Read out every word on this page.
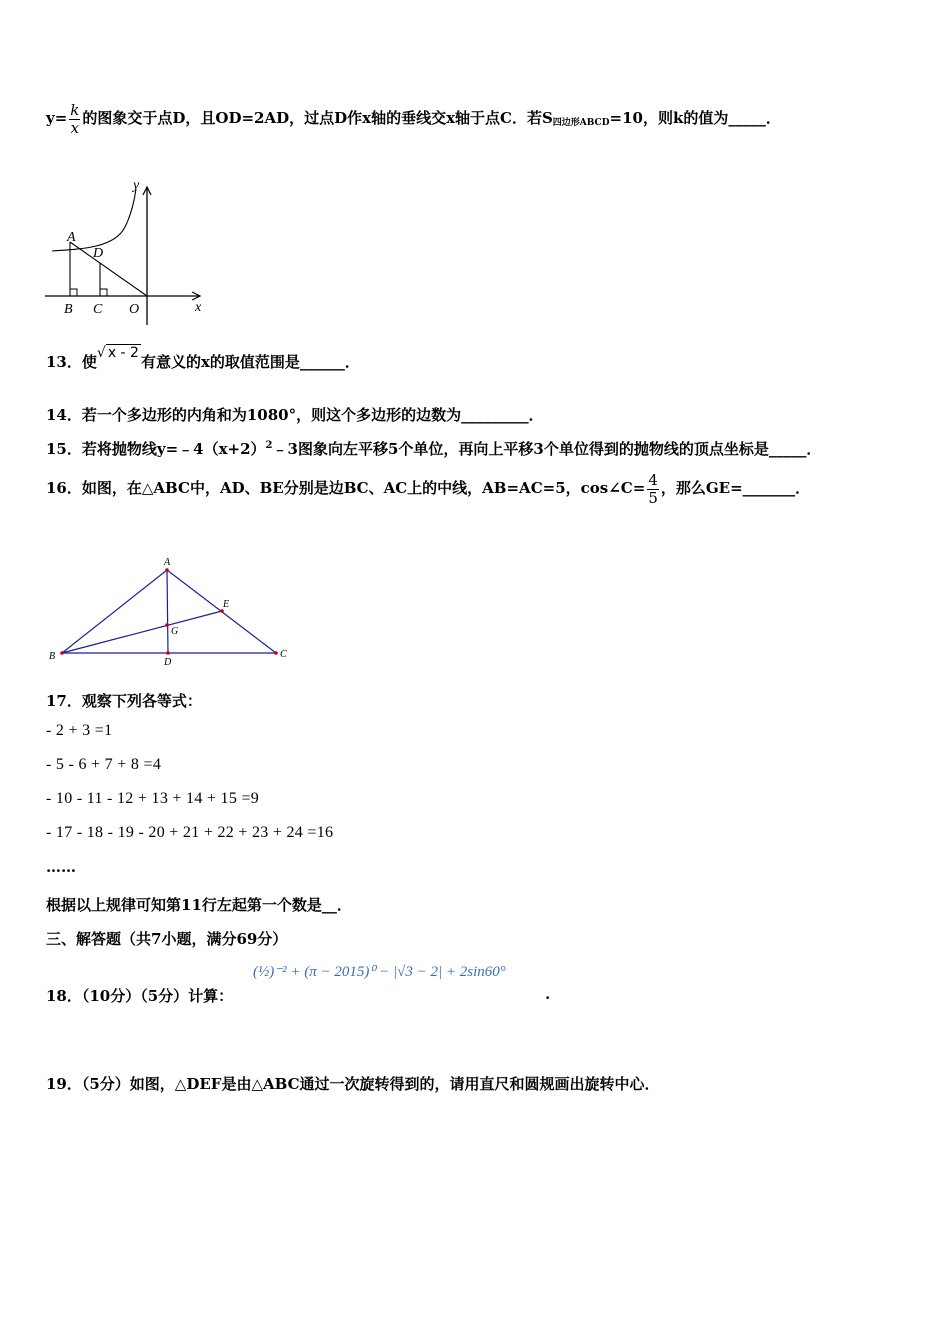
$y= \frac{k}{x}$ 的图象交于点D，且OD=2AD，过点D作x轴的垂线交x轴于点C．若$S_{四边形ABCD}=10$，则k的值为_____．
y
x
A
D
B C O
13．使√ x - 2 有意义的x的取值范围是______．
14．若一个多边形的内角和为1080°，则这个多边形的边数为_________．
15．若将抛物线$y=﹣4(x+2)^2﹣3$图象向左平移5个单位，再向上平移3个单位得到的抛物线的顶点坐标是_____．
16．如图，在△ABC中，AD、BE分别是边BC、AC上的中线，AB=AC=5，cos∠C= $\frac{4}{5}$ ，那么GE=_______．
A
B	C
D
E
G
17．观察下列各等式：
- 2 + 3 =1
- 5 - 6 + 7 + 8 =4
- 10 - 11 - 12 + 13 + 14 + 15 =9
- 17 - 18 - 19 - 20 + 21 + 22 + 23 + 24 =16
……
根据以上规律可知第11行左起第一个数是__．
三、解答题（共7小题，满分69分）
18．（10分）（5分）计算：
(½)⁻² + (π − 2015)⁰ − |√3 − 2| + 2sin60°
.
19．（5分）如图，△DEF是由△ABC通过一次旋转得到的，请用直尺和圆规画出旋转中心．
